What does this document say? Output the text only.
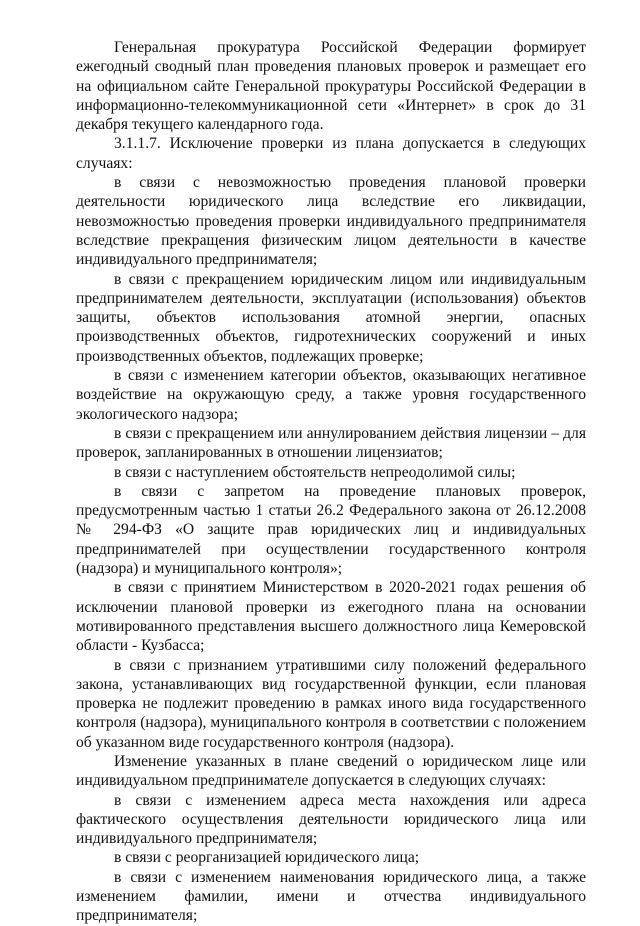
Генеральная прокуратура Российской Федерации формирует ежегодный сводный план проведения плановых проверок и размещает его на официальном сайте Генеральной прокуратуры Российской Федерации в информационно-телекоммуникационной сети «Интернет» в срок до 31 декабря текущего календарного года.

3.1.1.7. Исключение проверки из плана допускается в следующих случаях:

в связи с невозможностью проведения плановой проверки деятельности юридического лица вследствие его ликвидации, невозможностью проведения проверки индивидуального предпринимателя вследствие прекращения физическим лицом деятельности в качестве индивидуального предпринимателя;

в связи с прекращением юридическим лицом или индивидуальным предпринимателем деятельности, эксплуатации (использования) объектов защиты, объектов использования атомной энергии, опасных производственных объектов, гидротехнических сооружений и иных производственных объектов, подлежащих проверке;

в связи с изменением категории объектов, оказывающих негативное воздействие на окружающую среду, а также уровня государственного экологического надзора;

в связи с прекращением или аннулированием действия лицензии – для проверок, запланированных в отношении лицензиатов;

в связи с наступлением обстоятельств непреодолимой силы;

в связи с запретом на проведение плановых проверок, предусмотренным частью 1 статьи 26.2 Федерального закона от 26.12.2008 № 294-ФЗ «О защите прав юридических лиц и индивидуальных предпринимателей при осуществлении государственного контроля (надзора) и муниципального контроля»;

в связи с принятием Министерством в 2020-2021 годах решения об исключении плановой проверки из ежегодного плана на основании мотивированного представления высшего должностного лица Кемеровской области - Кузбасса;

в связи с признанием утратившими силу положений федерального закона, устанавливающих вид государственной функции, если плановая проверка не подлежит проведению в рамках иного вида государственного контроля (надзора), муниципального контроля в соответствии с положением об указанном виде государственного контроля (надзора).

Изменение указанных в плане сведений о юридическом лице или индивидуальном предпринимателе допускается в следующих случаях:

в связи с изменением адреса места нахождения или адреса фактического осуществления деятельности юридического лица или индивидуального предпринимателя;

в связи с реорганизацией юридического лица;

в связи с изменением наименования юридического лица, а также изменением фамилии, имени и отчества индивидуального предпринимателя;
